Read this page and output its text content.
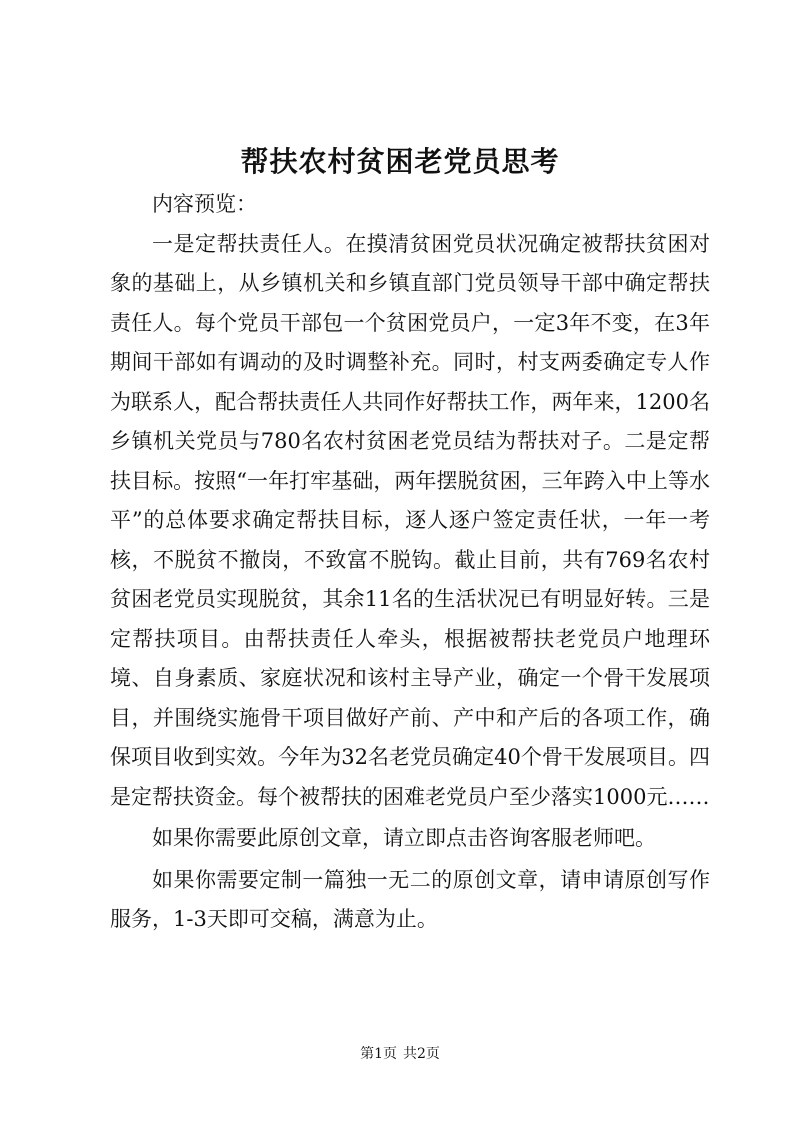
帮扶农村贫困老党员思考

内容预览：

一是定帮扶责任人。在摸清贫困党员状况确定被帮扶贫困对象的基础上，从乡镇机关和乡镇直部门党员领导干部中确定帮扶责任人。每个党员干部包一个贫困党员户，一定3年不变，在3年期间干部如有调动的及时调整补充。同时，村支两委确定专人作为联系人，配合帮扶责任人共同作好帮扶工作，两年来，1200名乡镇机关党员与780名农村贫困老党员结为帮扶对子。二是定帮扶目标。按照“一年打牢基础，两年摆脱贫困，三年跨入中上等水平”的总体要求确定帮扶目标，逐人逐户签定责任状，一年一考核，不脱贫不撤岗，不致富不脱钩。截止目前，共有769名农村贫困老党员实现脱贫，其余11名的生活状况已有明显好转。三是定帮扶项目。由帮扶责任人牵头，根据被帮扶老党员户地理环境、自身素质、家庭状况和该村主导产业，确定一个骨干发展项目，并围绕实施骨干项目做好产前、产中和产后的各项工作，确保项目收到实效。今年为32名老党员确定40个骨干发展项目。四是定帮扶资金。每个被帮扶的困难老党员户至少落实1000元……

如果你需要此原创文章，请立即点击咨询客服老师吧。

如果你需要定制一篇独一无二的原创文章，请申请原创写作服务，1-3天即可交稿，满意为止。

第1页 共2页
